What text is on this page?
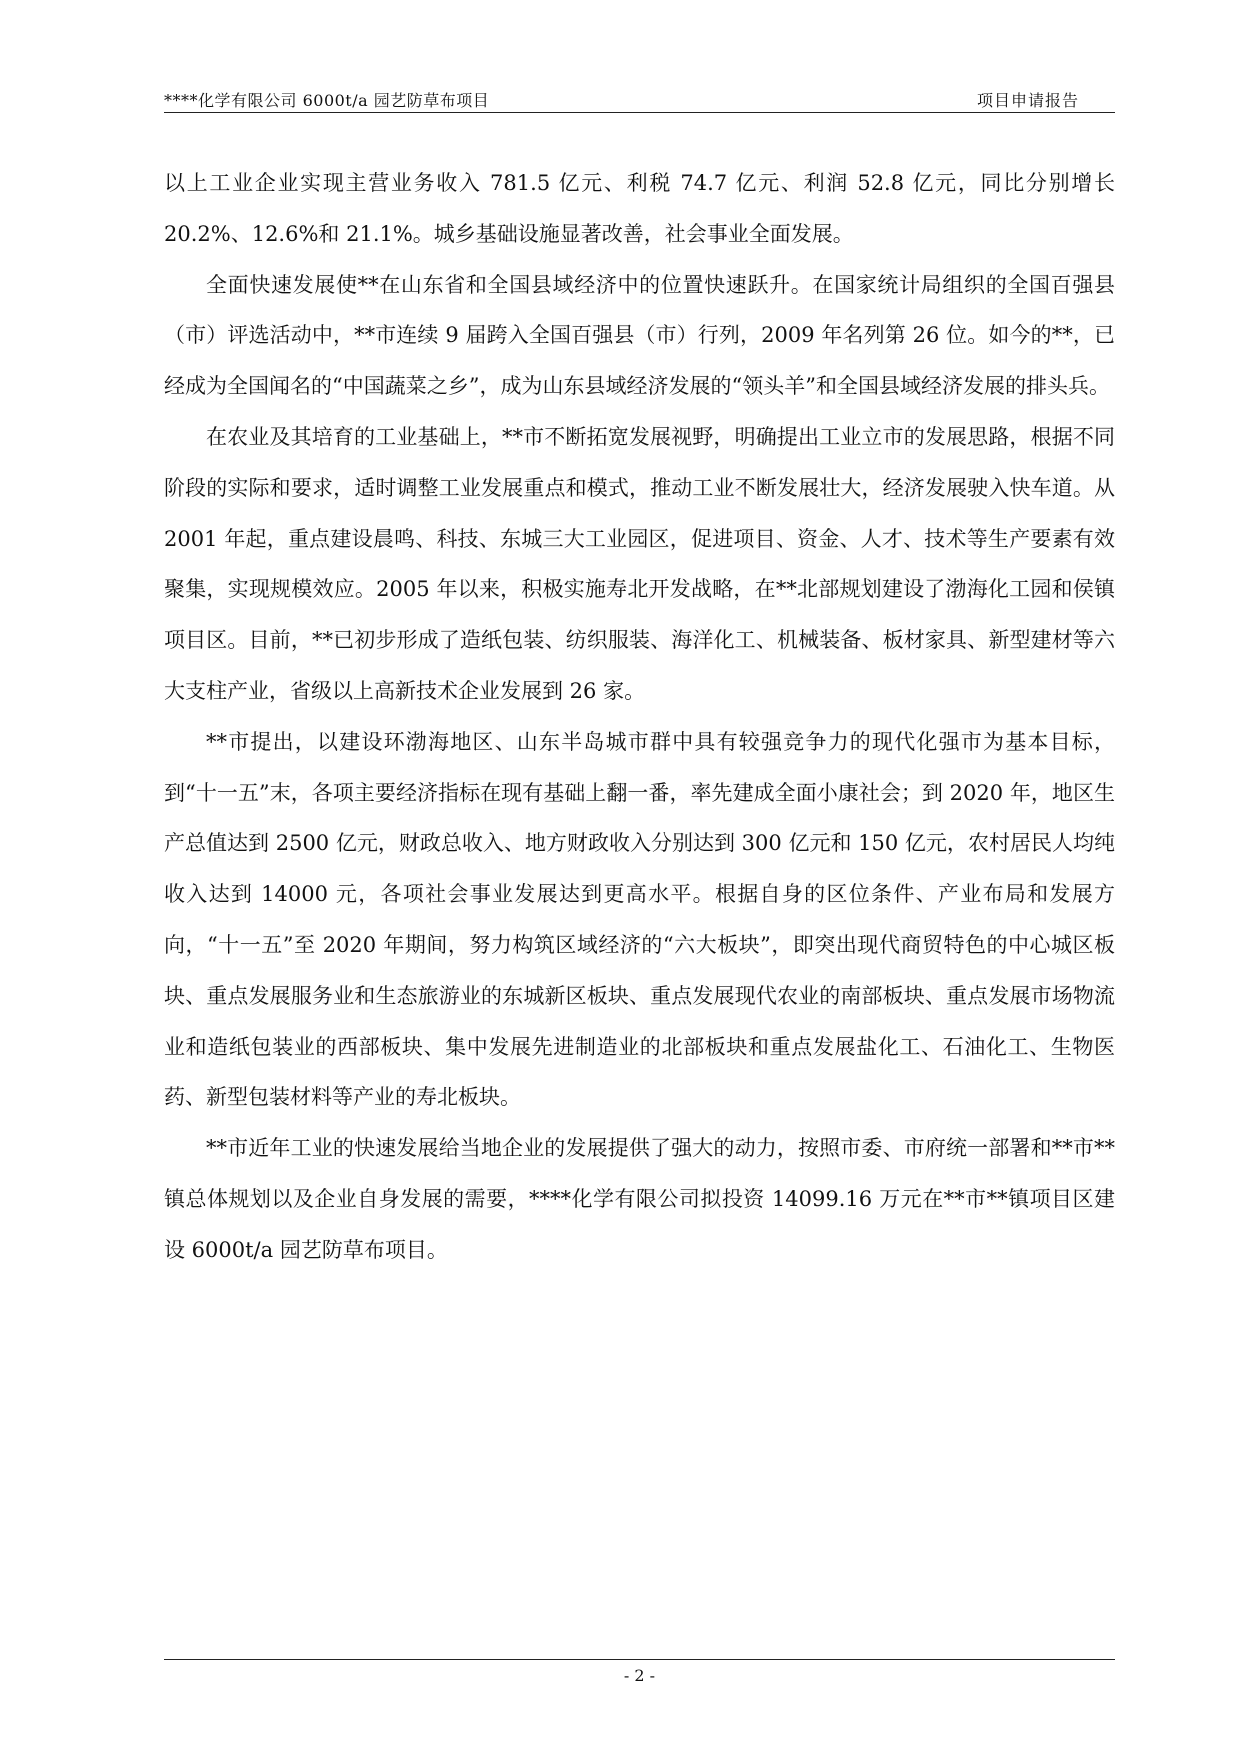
****化学有限公司 6000t/a 园艺防草布项目	项目申请报告

以上工业企业实现主营业务收入 781.5 亿元、利税 74.7 亿元、利润 52.8 亿元，同比分别增长 20.2%、12.6%和 21.1%。城乡基础设施显著改善，社会事业全面发展。

全面快速发展使**在山东省和全国县域经济中的位置快速跃升。在国家统计局组织的全国百强县（市）评选活动中，**市连续 9 届跨入全国百强县（市）行列，2009 年名列第 26 位。如今的**，已经成为全国闻名的“中国蔬菜之乡”，成为山东县域经济发展的“领头羊”和全国县域经济发展的排头兵。

在农业及其培育的工业基础上，**市不断拓宽发展视野，明确提出工业立市的发展思路，根据不同阶段的实际和要求，适时调整工业发展重点和模式，推动工业不断发展壮大，经济发展驶入快车道。从 2001 年起，重点建设晨鸣、科技、东城三大工业园区，促进项目、资金、人才、技术等生产要素有效聚集，实现规模效应。2005 年以来，积极实施寿北开发战略，在**北部规划建设了渤海化工园和侯镇项目区。目前，**已初步形成了造纸包装、纺织服装、海洋化工、机械装备、板材家具、新型建材等六大支柱产业，省级以上高新技术企业发展到 26 家。

**市提出，以建设环渤海地区、山东半岛城市群中具有较强竞争力的现代化强市为基本目标，到“十一五”末，各项主要经济指标在现有基础上翻一番，率先建成全面小康社会；到 2020 年，地区生产总值达到 2500 亿元，财政总收入、地方财政收入分别达到 300 亿元和 150 亿元，农村居民人均纯收入达到 14000 元，各项社会事业发展达到更高水平。根据自身的区位条件、产业布局和发展方向，“十一五”至 2020 年期间，努力构筑区域经济的“六大板块”，即突出现代商贸特色的中心城区板块、重点发展服务业和生态旅游业的东城新区板块、重点发展现代农业的南部板块、重点发展市场物流业和造纸包装业的西部板块、集中发展先进制造业的北部板块和重点发展盐化工、石油化工、生物医药、新型包装材料等产业的寿北板块。

**市近年工业的快速发展给当地企业的发展提供了强大的动力，按照市委、市府统一部署和**市**镇总体规划以及企业自身发展的需要，****化学有限公司拟投资 14099.16 万元在**市**镇项目区建设 6000t/a 园艺防草布项目。

- 2 -
